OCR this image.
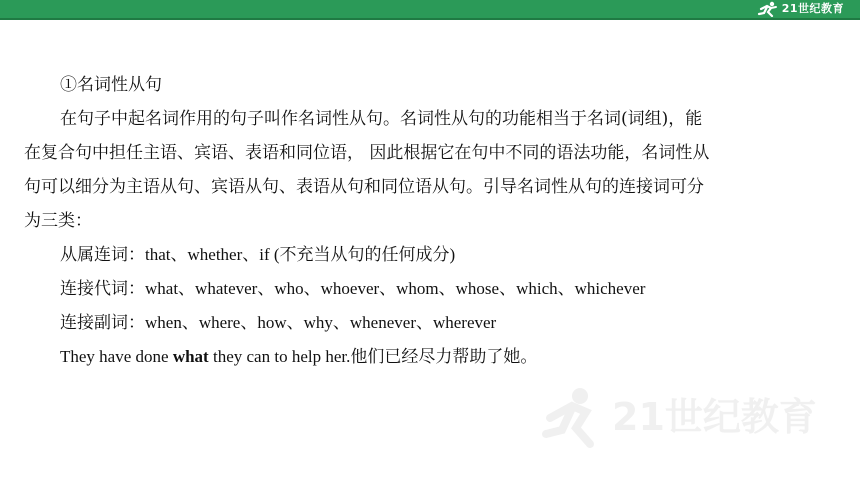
21世纪教育
①名词性从句
在句子中起名词作用的句子叫作名词性从句。名词性从句的功能相当于名词(词组)，能
在复合句中担任主语、宾语、表语和同位语， 因此根据它在句中不同的语法功能，名词性从
句可以细分为主语从句、宾语从句、表语从句和同位语从句。引导名词性从句的连接词可分
为三类：
从属连词：that、whether、if (不充当从句的任何成分)
连接代词：what、whatever、who、whoever、whom、whose、which、whichever
连接副词：when、where、how、why、whenever、wherever
They have done what they can to help her.他们已经尽力帮助了她。
21世纪教育
